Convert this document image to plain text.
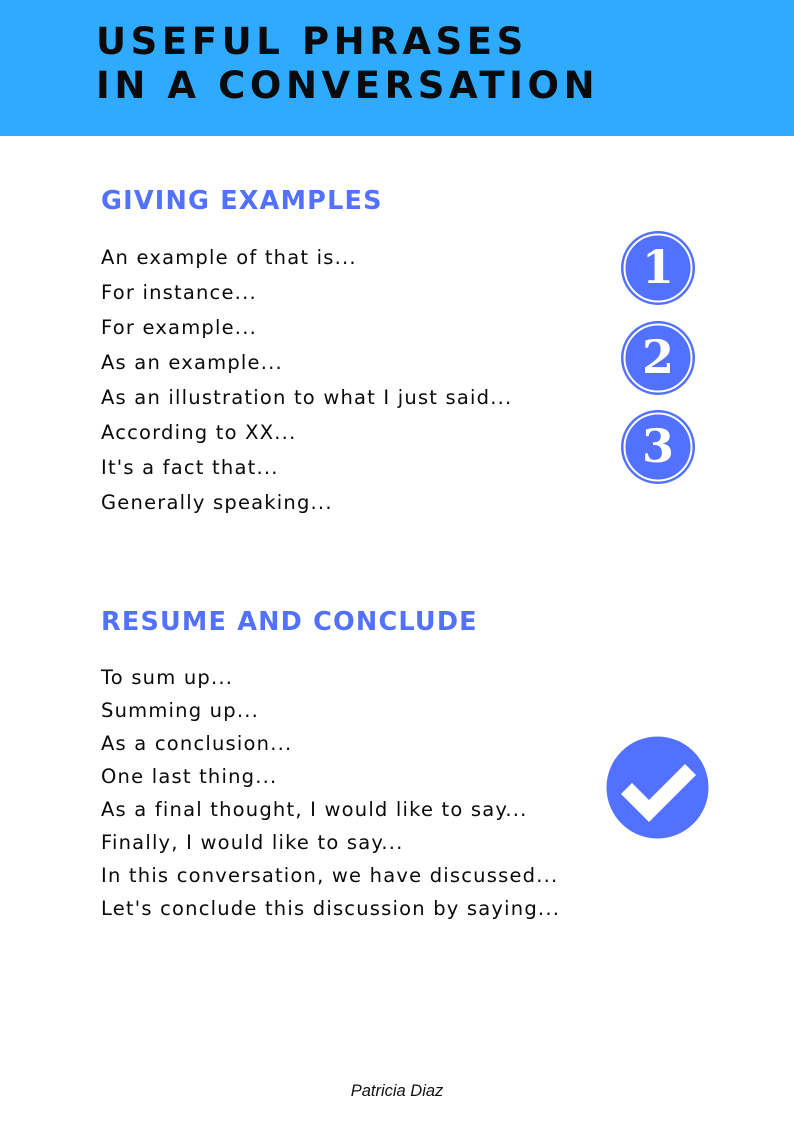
USEFUL PHRASES
IN A CONVERSATION
GIVING EXAMPLES
An example of that is...
For instance...
For example...
As an example...
As an illustration to what I just said...
According to XX...
It's a fact that...
Generally speaking...
1
2
3
RESUME AND CONCLUDE
To sum up...
Summing up...
As a conclusion...
One last thing...
As a final thought, I would like to say...
Finally, I would like to say...
In this conversation, we have discussed...
Let's conclude this discussion by saying...
Patricia Diaz
